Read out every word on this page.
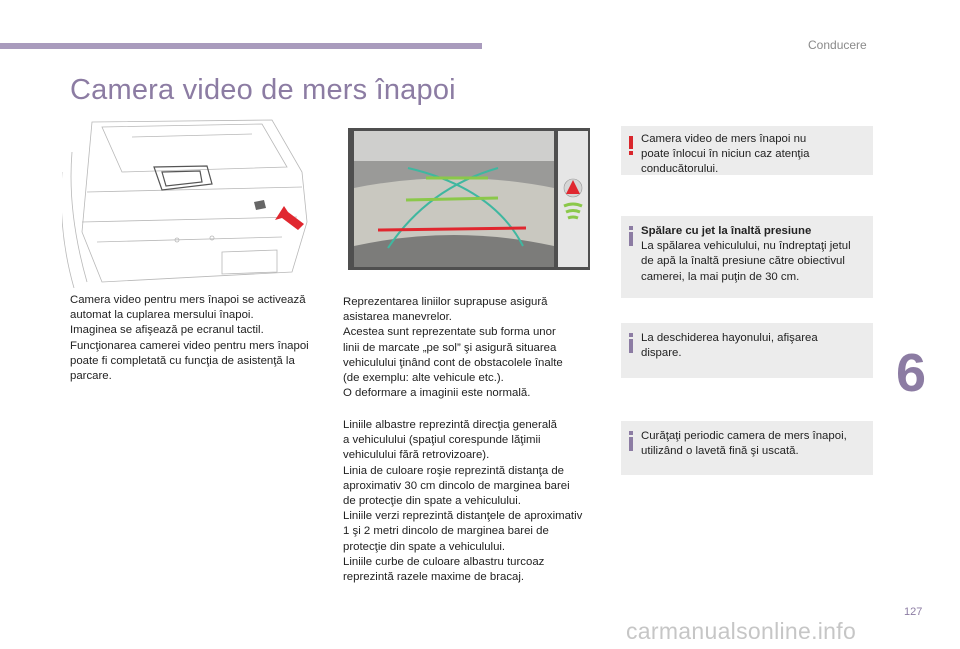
Conducere
Camera video de mers înapoi

Camera video pentru mers înapoi se activează

automat la cuplarea mersului înapoi.

Imaginea se afişează pe ecranul tactil.

Funcţionarea camerei video pentru mers înapoi

poate fi completată cu funcţia de asistenţă la

parcare.

Reprezentarea liniilor suprapuse asigură

asistarea manevrelor.

Acestea sunt reprezentate sub forma unor

linii de marcate „pe sol” şi asigură situarea

vehiculului ţinând cont de obstacolele înalte

(de exemplu: alte vehicule etc.).

O deformare a imaginii este normală.

Liniile albastre reprezintă direcţia generală

a vehiculului (spaţiul corespunde lăţimii

vehiculului fără retrovizoare).

Linia de culoare roşie reprezintă distanţa de

aproximativ 30 cm dincolo de marginea barei

de protecţie din spate a vehiculului.

Liniile verzi reprezintă distanţele de aproximativ

1 şi 2 metri dincolo de marginea barei de

protecţie din spate a vehiculului.

Liniile curbe de culoare albastru turcoaz

reprezintă razele maxime de bracaj.

Camera video de mers înapoi nu

poate înlocui în niciun caz atenţia

conducătorului.

Spălare cu jet la înaltă presiune

La spălarea vehiculului, nu îndreptaţi jetul

de apă la înaltă presiune către obiectivul

camerei, la mai puţin de 30 cm.

La deschiderea hayonului, afişarea

dispare.

Curăţaţi periodic camera de mers înapoi,

utilizând o lavetă fină şi uscată.

6
127
carmanualsonline.info
